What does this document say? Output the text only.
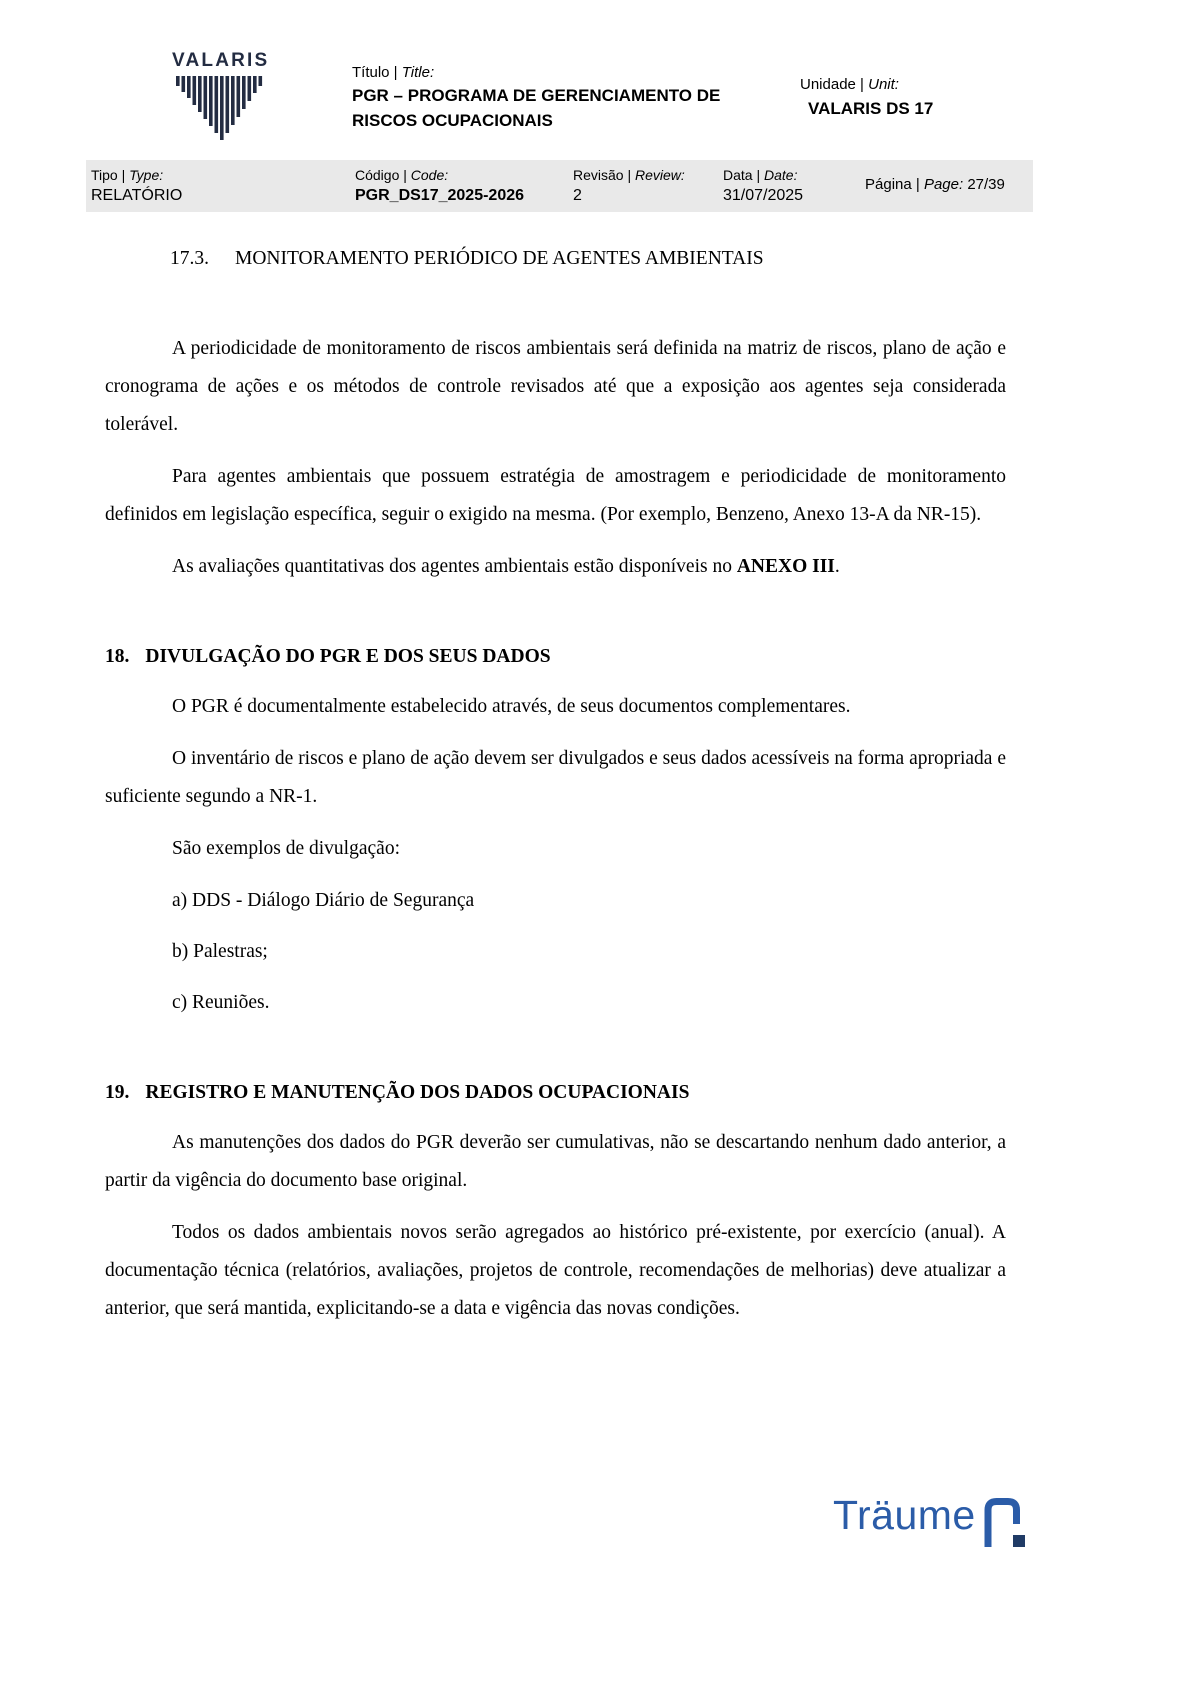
VALARIS
Título | Title:
PGR – PROGRAMA DE GERENCIAMENTO DE
RISCOS OCUPACIONAIS
Unidade | Unit:
VALARIS DS 17
Tipo | Type:
RELATÓRIO
Código | Code:
PGR_DS17_2025-2026
Revisão | Review:
2
Data | Date:
31/07/2025
Página | Page: 27/39
17.3. MONITORAMENTO PERIÓDICO DE AGENTES AMBIENTAIS

A periodicidade de monitoramento de riscos ambientais será definida na matriz de riscos, plano de ação e cronograma de ações e os métodos de controle revisados até que a exposição aos agentes seja considerada tolerável.

Para agentes ambientais que possuem estratégia de amostragem e periodicidade de monitoramento definidos em legislação específica, seguir o exigido na mesma. (Por exemplo, Benzeno, Anexo 13-A da NR-15).

As avaliações quantitativas dos agentes ambientais estão disponíveis no ANEXO III.

18. DIVULGAÇÃO DO PGR E DOS SEUS DADOS

O PGR é documentalmente estabelecido através, de seus documentos complementares.

O inventário de riscos e plano de ação devem ser divulgados e seus dados acessíveis na forma apropriada e suficiente segundo a NR-1.

São exemplos de divulgação:

a) DDS - Diálogo Diário de Segurança

b) Palestras;

c) Reuniões.

19. REGISTRO E MANUTENÇÃO DOS DADOS OCUPACIONAIS

As manutenções dos dados do PGR deverão ser cumulativas, não se descartando nenhum dado anterior, a partir da vigência do documento base original.

Todos os dados ambientais novos serão agregados ao histórico pré-existente, por exercício (anual). A documentação técnica (relatórios, avaliações, projetos de controle, recomendações de melhorias) deve atualizar a anterior, que será mantida, explicitando-se a data e vigência das novas condições.

Träume
